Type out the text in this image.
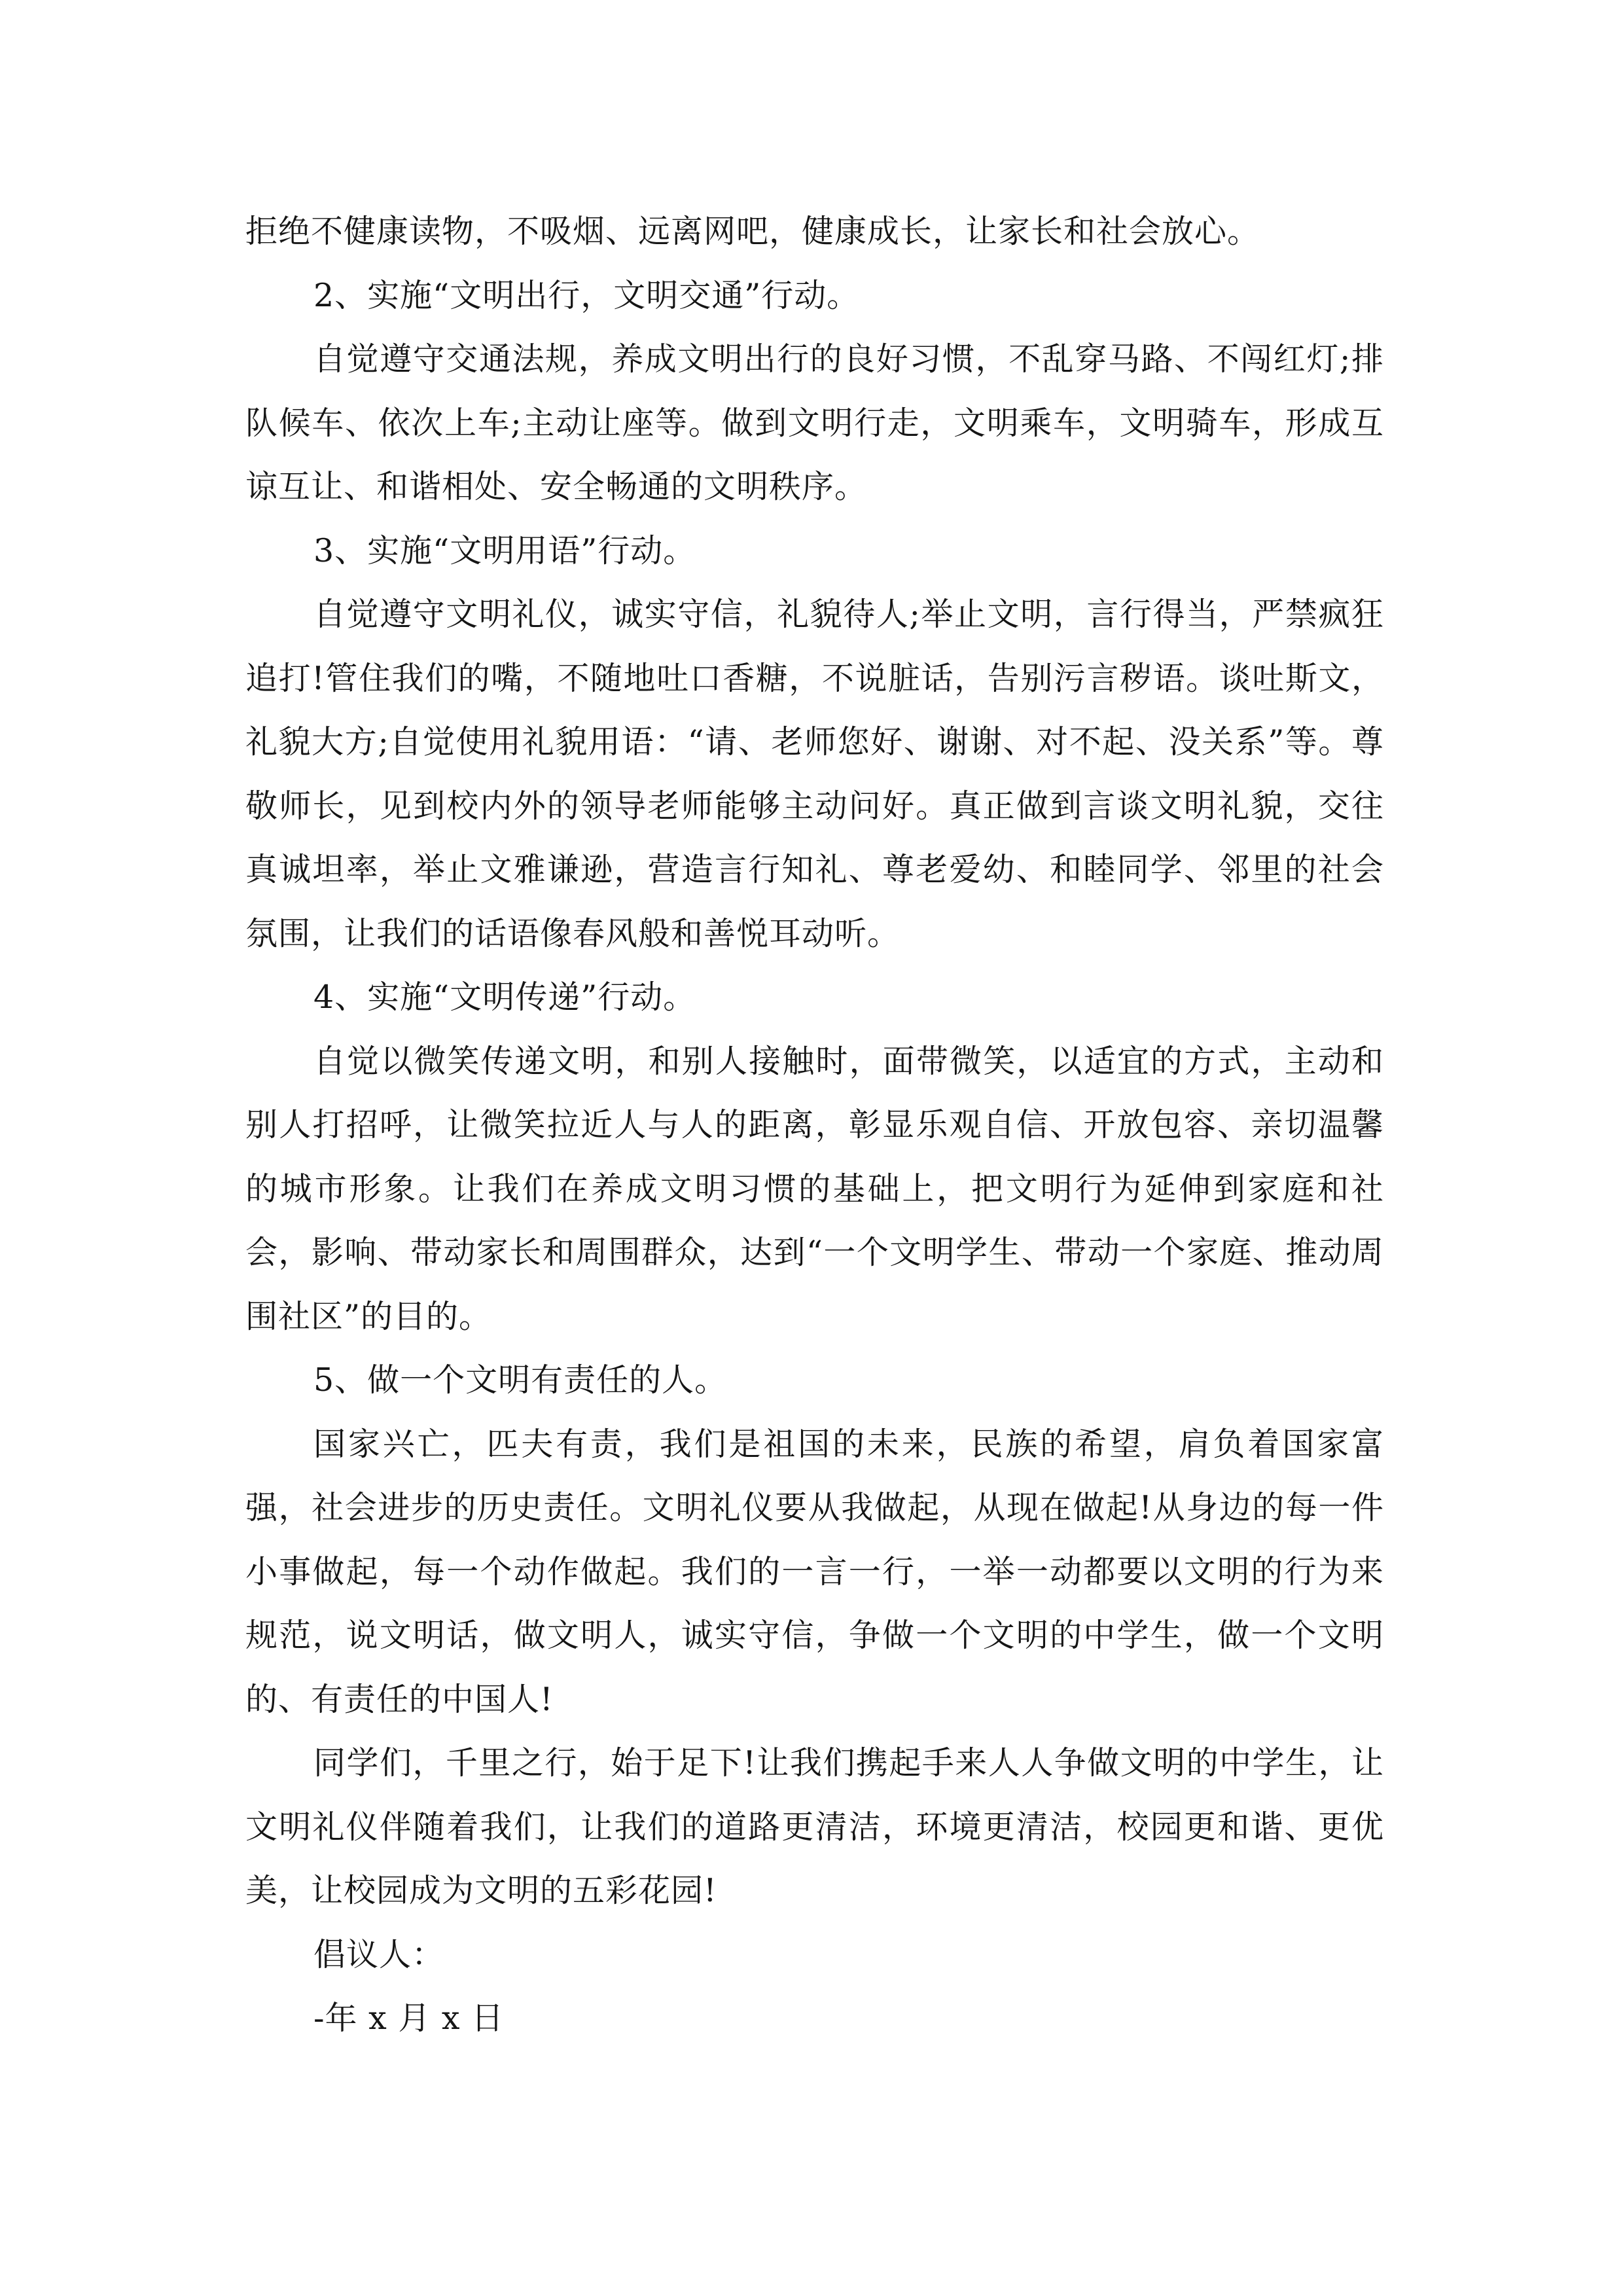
拒绝不健康读物，不吸烟、远离网吧，健康成长，让家长和社会放心。

2、实施“文明出行，文明交通”行动。

自觉遵守交通法规，养成文明出行的良好习惯，不乱穿马路、不闯红灯;排队候车、依次上车;主动让座等。做到文明行走，文明乘车，文明骑车，形成互谅互让、和谐相处、安全畅通的文明秩序。

3、实施“文明用语”行动。

自觉遵守文明礼仪，诚实守信，礼貌待人;举止文明，言行得当，严禁疯狂追打!管住我们的嘴，不随地吐口香糖，不说脏话，告别污言秽语。谈吐斯文，礼貌大方;自觉使用礼貌用语：“请、老师您好、谢谢、对不起、没关系”等。尊敬师长，见到校内外的领导老师能够主动问好。真正做到言谈文明礼貌，交往真诚坦率，举止文雅谦逊，营造言行知礼、尊老爱幼、和睦同学、邻里的社会氛围，让我们的话语像春风般和善悦耳动听。

4、实施“文明传递”行动。

自觉以微笑传递文明，和别人接触时，面带微笑，以适宜的方式，主动和别人打招呼，让微笑拉近人与人的距离，彰显乐观自信、开放包容、亲切温馨的城市形象。让我们在养成文明习惯的基础上，把文明行为延伸到家庭和社会，影响、带动家长和周围群众，达到“一个文明学生、带动一个家庭、推动周围社区”的目的。

5、做一个文明有责任的人。

国家兴亡，匹夫有责，我们是祖国的未来，民族的希望，肩负着国家富强，社会进步的历史责任。文明礼仪要从我做起，从现在做起!从身边的每一件小事做起，每一个动作做起。我们的一言一行，一举一动都要以文明的行为来规范，说文明话，做文明人，诚实守信，争做一个文明的中学生，做一个文明的、有责任的中国人!

同学们，千里之行，始于足下!让我们携起手来人人争做文明的中学生，让文明礼仪伴随着我们，让我们的道路更清洁，环境更清洁，校园更和谐、更优美，让校园成为文明的五彩花园!

倡议人：

-年 x 月 x 日
